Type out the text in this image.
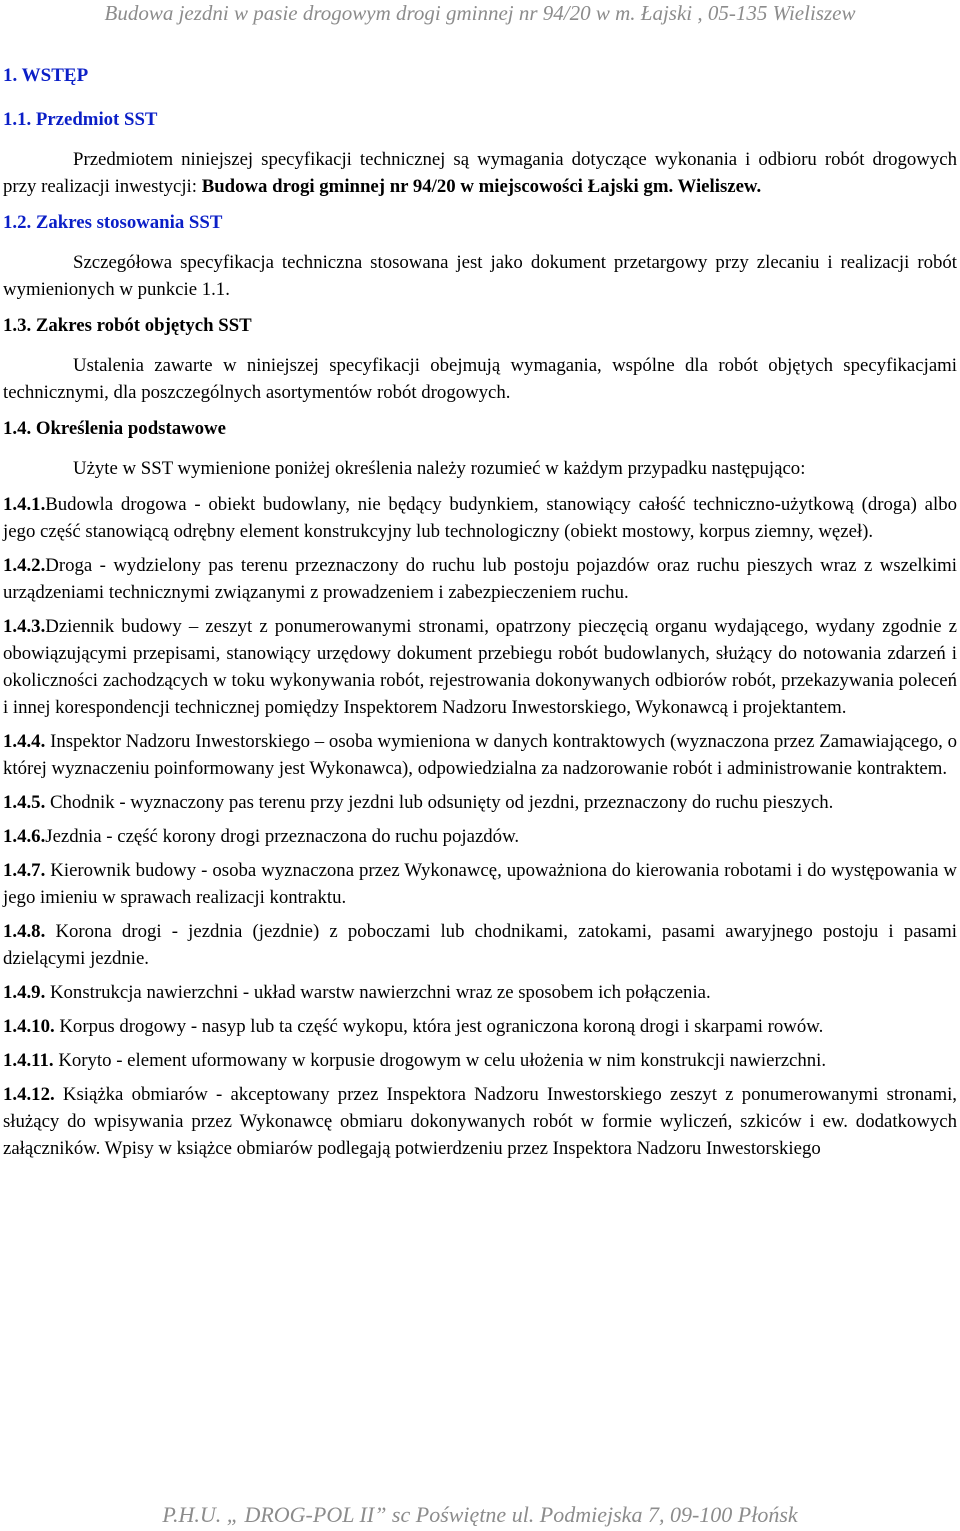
Budowa jezdni w pasie drogowym drogi gminnej nr 94/20 w m. Łajski , 05-135 Wieliszew
1. WSTĘP
1.1. Przedmiot SST
Przedmiotem niniejszej specyfikacji technicznej są wymagania dotyczące wykonania i odbioru robót drogowych przy realizacji inwestycji: Budowa drogi gminnej nr 94/20 w miejscowości Łajski gm. Wieliszew.
1.2. Zakres stosowania SST
Szczegółowa specyfikacja techniczna stosowana jest jako dokument przetargowy przy zlecaniu i realizacji robót wymienionych w punkcie 1.1.
1.3. Zakres robót objętych SST
Ustalenia zawarte w niniejszej specyfikacji obejmują wymagania, wspólne dla robót objętych specyfikacjami technicznymi, dla poszczególnych asortymentów robót drogowych.
1.4. Określenia podstawowe
Użyte w SST wymienione poniżej określenia należy rozumieć w każdym przypadku następująco:
1.4.1.Budowla drogowa - obiekt budowlany, nie będący budynkiem, stanowiący całość techniczno-użytkową (droga) albo jego część stanowiącą odrębny element konstrukcyjny lub technologiczny (obiekt mostowy, korpus ziemny, węzeł).
1.4.2.Droga - wydzielony pas terenu przeznaczony do ruchu lub postoju pojazdów oraz ruchu pieszych wraz z wszelkimi urządzeniami technicznymi związanymi z prowadzeniem i zabezpieczeniem ruchu.
1.4.3.Dziennik budowy – zeszyt z ponumerowanymi stronami, opatrzony pieczęcią organu wydającego, wydany zgodnie z obowiązującymi przepisami, stanowiący urzędowy dokument przebiegu robót budowlanych, służący do notowania zdarzeń i okoliczności zachodzących w toku wykonywania robót, rejestrowania dokonywanych odbiorów robót, przekazywania poleceń i innej korespondencji technicznej pomiędzy Inspektorem Nadzoru Inwestorskiego, Wykonawcą i projektantem.
1.4.4. Inspektor Nadzoru Inwestorskiego – osoba wymieniona w danych kontraktowych (wyznaczona przez Zamawiającego, o której wyznaczeniu poinformowany jest Wykonawca), odpowiedzialna za nadzorowanie robót i administrowanie kontraktem.
1.4.5. Chodnik - wyznaczony pas terenu przy jezdni lub odsunięty od jezdni, przeznaczony do ruchu pieszych.
1.4.6.Jezdnia - część korony drogi przeznaczona do ruchu pojazdów.
1.4.7. Kierownik budowy - osoba wyznaczona przez Wykonawcę, upoważniona do kierowania robotami i do występowania w jego imieniu w sprawach realizacji kontraktu.
1.4.8. Korona drogi - jezdnia (jezdnie) z poboczami lub chodnikami, zatokami, pasami awaryjnego postoju i pasami dzielącymi jezdnie.
1.4.9. Konstrukcja nawierzchni - układ warstw nawierzchni wraz ze sposobem ich połączenia.
1.4.10. Korpus drogowy - nasyp lub ta część wykopu, która jest ograniczona koroną drogi i skarpami rowów.
1.4.11. Koryto - element uformowany w korpusie drogowym w celu ułożenia w nim konstrukcji nawierzchni.
1.4.12. Książka obmiarów - akceptowany przez Inspektora Nadzoru Inwestorskiego zeszyt z ponumerowanymi stronami, służący do wpisywania przez Wykonawcę obmiaru dokonywanych robót w formie wyliczeń, szkiców i ew. dodatkowych załączników. Wpisy w książce obmiarów podlegają potwierdzeniu przez Inspektora Nadzoru Inwestorskiego
P.H.U. „ DROG-POL II” sc Poświętne ul. Podmiejska 7, 09-100 Płońsk
